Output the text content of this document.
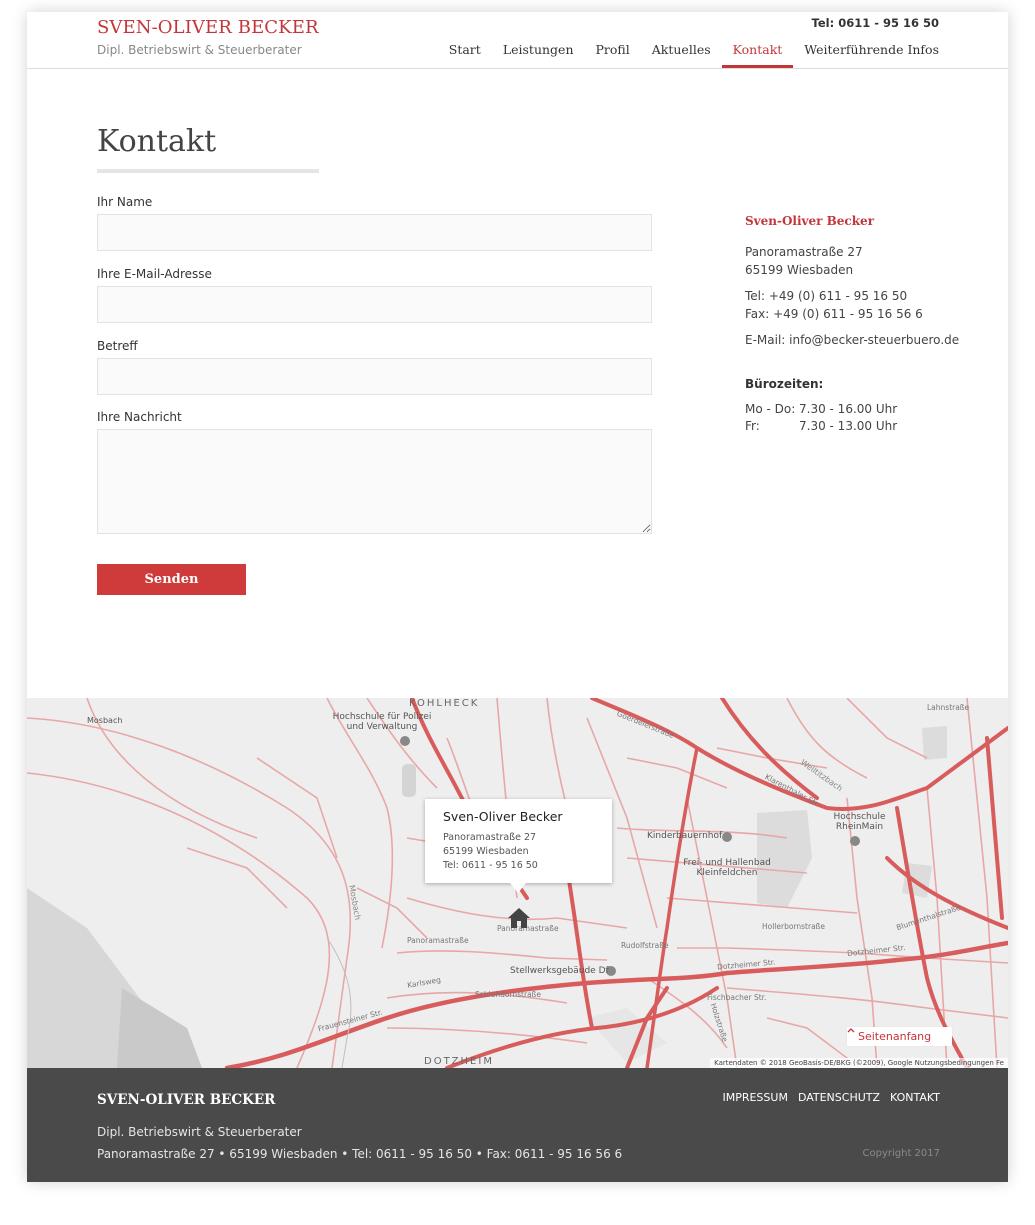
SVEN-OLIVER BECKER
Dipl. Betriebswirt & Steuerberater
Tel: 0611 - 95 16 50
Start	Leistungen	Profil	Aktuelles	Kontakt	Weiterführende Infos
Kontakt
Ihr Name
Ihre E-Mail-Adresse
Betreff
Ihre Nachricht
Senden
Sven-Oliver Becker
Panoramastraße 27
65199 Wiesbaden
Tel: +49 (0) 611 - 95 16 50
Fax: +49 (0) 611 - 95 16 56 6
E-Mail: info@becker-steuerbuero.de
Bürozeiten:
Mo - Do: 7.30 - 16.00 Uhr
Fr:	7.30 - 13.00 Uhr
KOHLHECK
DOTZHEIM
Mosbach	Hochschule für Polizei
und Verwaltung
Kinderbauernhof
Frei- und Hallenbad
Kleinfeldchen
Hochschule
RheinMain
Stellwerksgebäude Df
Welltitzbach
Mosbach
Goerdelerstraße
Klarenthaler Str.
Dotzheimer Str.
Dotzheimer Str.
Panoramastraße
Panoramastraße
Rudolfstraße
Holzstraße
Fischbacher Str.
Lahnstraße
Blumenthalstraße
Hollerbornstraße
Karlsweg
Frauensteiner Str.
Schlehdornstraße
Sven-Oliver Becker
Panoramastraße 27
65199 Wiesbaden
Tel: 0611 - 95 16 50
Kartendaten © 2018 GeoBasis-DE/BKG (©2009), Google Nutzungsbedingungen Fe
Seitenanfang
SVEN-OLIVER BECKER
Dipl. Betriebswirt & Steuerberater
Panoramastraße 27 • 65199 Wiesbaden • Tel: 0611 - 95 16 50 • Fax: 0611 - 95 16 56 6
IMPRESSUM DATENSCHUTZ KONTAKT
Copyright 2017
